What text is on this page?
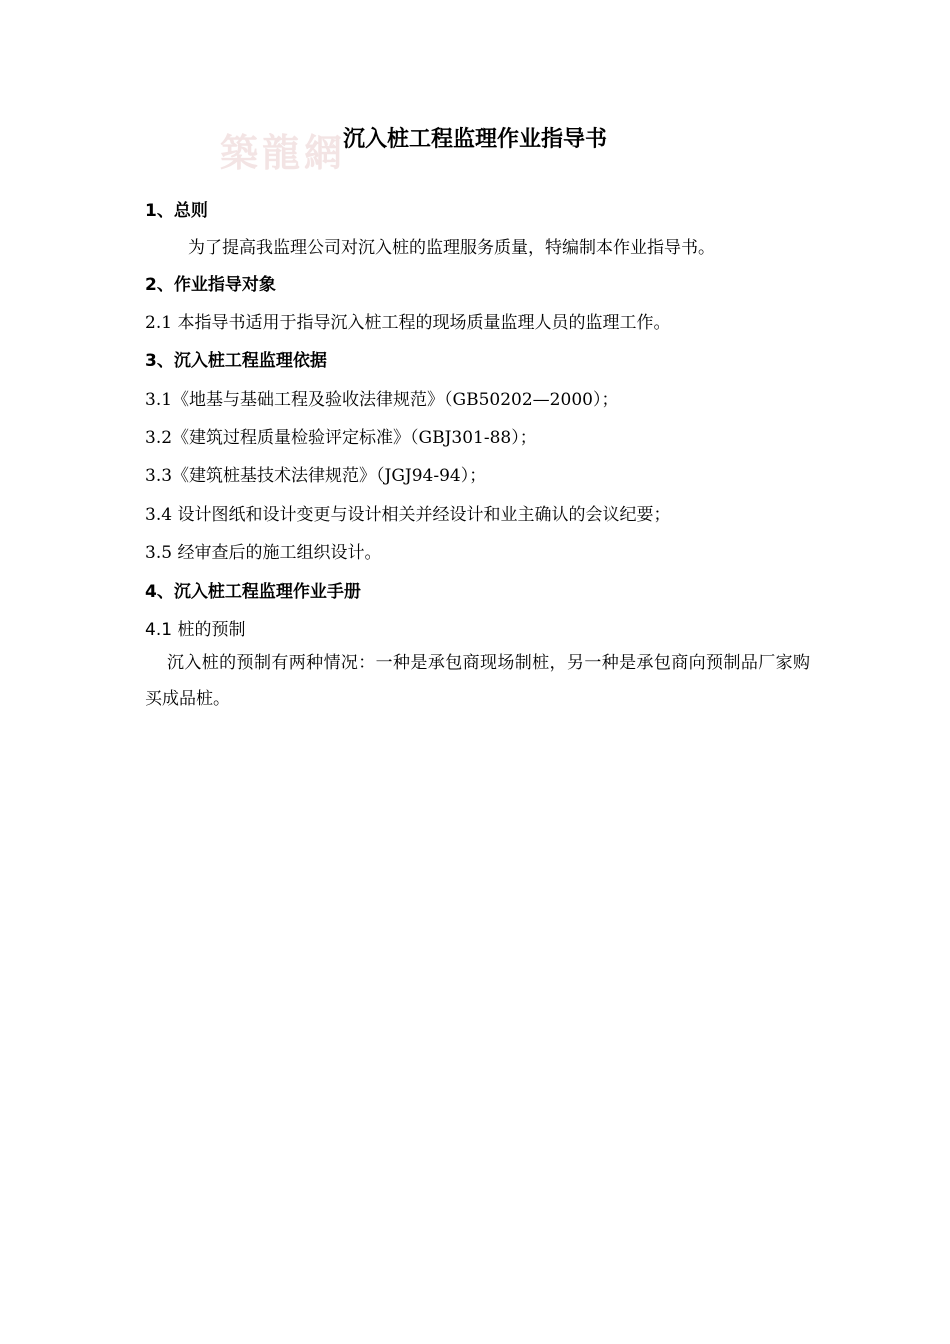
築龍網
沉入桩工程监理作业指导书
1、总则
为了提高我监理公司对沉入桩的监理服务质量，特编制本作业指导书。
2、作业指导对象
2.1 本指导书适用于指导沉入桩工程的现场质量监理人员的监理工作。
3、沉入桩工程监理依据
3.1《地基与基础工程及验收法律规范》（GB50202—2000）；
3.2《建筑过程质量检验评定标准》（GBJ301-88）；
3.3《建筑桩基技术法律规范》（JGJ94-94）；
3.4 设计图纸和设计变更与设计相关并经设计和业主确认的会议纪要；
3.5 经审查后的施工组织设计。
4、沉入桩工程监理作业手册
4.1 桩的预制
沉入桩的预制有两种情况：一种是承包商现场制桩，另一种是承包商向预制品厂家购买成品桩。
